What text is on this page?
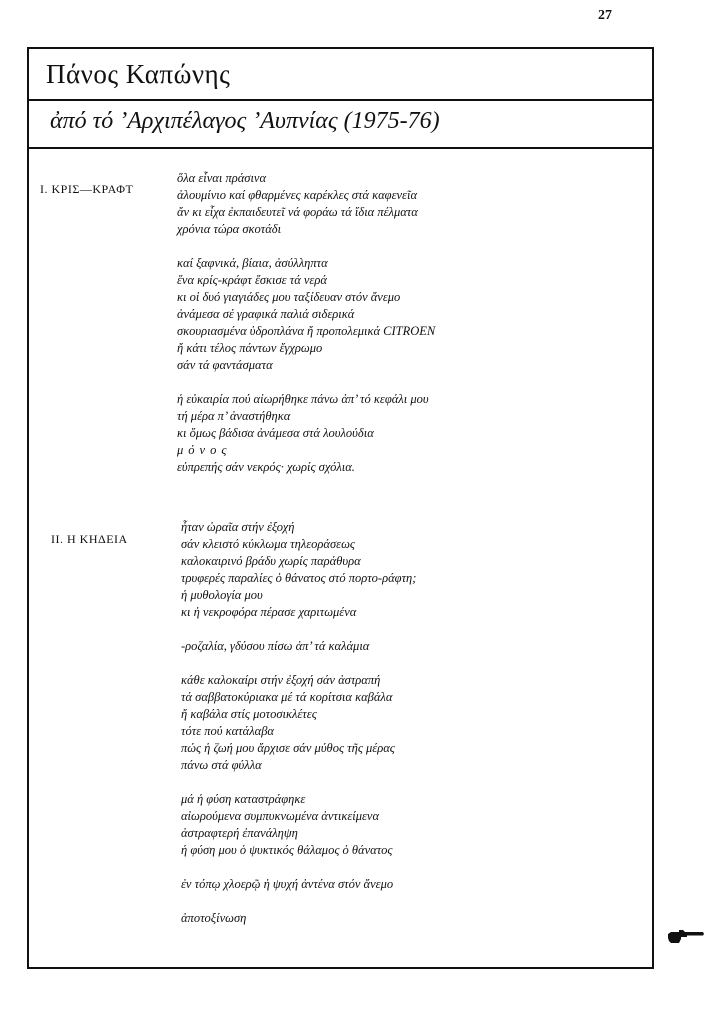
27
Πάνος Καπώνης
ἀπό τό ’Αρχιπέλαγος ’Αυπνίας (1975-76)
I. ΚΡΙΣ—ΚΡΑΦΤ
ὅλα εἶναι πράσινα
ἀλουμίνιο καί φθαρμένες καρέκλες στά καφενεῖα
ἄν κι εἶχα ἐκπαιδευτεῖ νά φοράω τά ἴδια πέλματα
χρόνια τώρα σκοτάδι
καί ξαφνικά, βίαια, ἀσύλληπτα
ἕνα κρίς-κράφτ ἔσκισε τά νερά
κι οἱ δυό γιαγιάδες μου ταξίδευαν στόν ἄνεμο
ἀνάμεσα σέ γραφικά παλιά σιδερικά
σκουριασμένα ὑδροπλάνα ἤ προπολεμικά CITROEN
ἤ κάτι τέλος πάντων ἔγχρωμο
σάν τά φαντάσματα
ἡ εὐκαιρία πού αἰωρήθηκε πάνω ἀπ’ τό κεφάλι μου
τή μέρα π’ ἀναστήθηκα
κι ὅμως βάδισα ἀνάμεσα στά λουλούδια
μόνος
εὐπρεπής σάν νεκρός· χωρίς σχόλια.
II. Η ΚΗΔΕΙΑ
ἦταν ὡραῖα στήν ἐξοχή
σάν κλειστό κύκλωμα τηλεοράσεως
καλοκαιρινό βράδυ χωρίς παράθυρα
τρυφερές παραλίες ὁ θάνατος στό πορτο-ράφτη;
ἡ μυθολογία μου
κι ἡ νεκροφόρα πέρασε χαριτωμένα
-ροζαλία, γδύσου πίσω ἀπ’ τά καλάμια
κάθε καλοκαίρι στήν ἐξοχή σάν ἀστραπή
τά σαββατοκύριακα μέ τά κορίτσια καβάλα
ἤ καβάλα στίς μοτοσικλέτες
τότε πού κατάλαβα
πώς ἡ ζωή μου ἄρχισε σάν μύθος τῆς μέρας
πάνω στά φύλλα
μά ἡ φύση καταστράφηκε
αἰωρούμενα συμπυκνωμένα ἀντικείμενα
ἀστραφτερή ἐπανάληψη
ἡ φύση μου ὁ ψυκτικός θάλαμος ὁ θάνατος
ἐν τόπῳ χλοερῷ ἡ ψυχή ἀντένα στόν ἄνεμο
ἀποτοξίνωση
